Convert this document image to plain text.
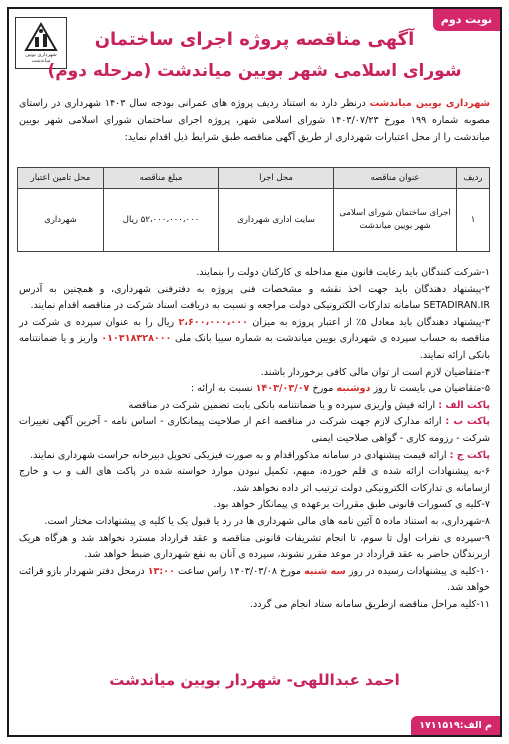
نوبت دوم
شهرداری بویین میاندشت
آگهی مناقصه پروژه اجرای ساختمان
شورای اسلامی شهر بویین میاندشت (مرحله دوم)
شهرداری بویین میاندشت درنظر دارد به استناد ردیف پروژه های عمرانی بودجه سال ۱۴۰۳ شهرداری در راستای مصوبه شماره ۱۹۹ مورخ ۱۴۰۳/۰۷/۲۳ شورای اسلامی شهر، پروژه اجرای ساختمان شورای اسلامی شهر بویین میاندشت را از محل اعتبارات شهرداری از طریق آگهی مناقصه طبق شرایط ذیل اقدام نماید:
ردیف	عنوان مناقصه	محل اجرا	مبلغ مناقصه	محل تامین اعتبار
۱	اجرای ساختمان شورای اسلامی شهر بویین میاندشت	سایت اداری شهرداری	۵۲،۰۰۰،۰۰۰،۰۰۰ ریال	شهرداری

۱-شرکت کنندگان باید رعایت قانون منع مداخله ی کارکنان دولت را بنمایند.

۲-پیشنهاد دهندگان باید جهت اخذ نقشه و مشخصات فنی پروژه به دفترفنی شهرداری، و همچنین به آدرس SETADIRAN.IR سامانه تدارکات الکترونیکی دولت مراجعه و نسبت به دریافت اسناد شرکت در مناقصه اقدام نمایند.

۳-پیشنهاد دهندگان باید معادل ۵٪ از اعتبار پروژه به میزان ۲،۶۰۰،۰۰۰،۰۰۰ ریال را به عنوان سپرده ی شرکت در مناقصه به حساب سپرده ی شهرداری بویین میاندشت به شماره سیبا بانک ملی ۰۱۰۳۱۸۳۲۸۰۰۰ واریز و یا ضمانتنامه بانکی ارائه نمایند.

۴-متقاضیان لازم است از توان مالی کافی برخوردار باشند.

۵-متقاضیان می بایست تا روز دوشنبه مورخ ۱۴۰۳/۰۳/۰۷ نسبت به ارائه :

پاکت الف : ارائه فیش واریزی سپرده و یا ضمانتنامه بانکی بابت تضمین شرکت در مناقصه

پاکت ب : ارائه مدارک لازم جهت شرکت در مناقصه اعم از صلاحیت پیمانکاری - اساس نامه - آخرین آگهی تغییرات شرکت - رزومه کاری - گواهی صلاحیت ایمنی

پاکت ج : ارائه قیمت پیشنهادی در سامانه مذکوراقدام و به صورت فیزیکی تحویل دبیرخانه حراست شهرداری نمایند.

۶-به پیشنهادات ارائه شده ی قلم خورده، مبهم، تکمیل نبودن موارد خواسته شده در پاکت های الف و ب و خارج ازسامانه ی تدارکات الکترونیکی دولت ترتیب اثر داده نخواهد شد.

۷-کلیه ی کسورات قانونی طبق مقررات برعهده ی پیمانکار خواهد بود.

۸-شهرداری، به استناد ماده ۵ آئین نامه های مالی شهرداری ها در رد یا قبول یک یا کلیه ی پیشنهادات مختار است.

۹-سپرده ی نفرات اول تا سوم، تا انجام تشریفات قانونی مناقصه و عقد قرارداد مسترد نخواهد شد و هرگاه هریک ازبرندگان حاضر به عقد قرارداد در موعد مقرر نشوند، سپرده ی آنان به نفع شهرداری ضبط خواهد شد.

۱۰-کلیه ی پیشنهادات رسیده در روز سه شنبه مورخ ۱۴۰۳/۰۳/۰۸ راس ساعت ۱۳:۰۰ درمحل دفتر شهردار بازو قرائت خواهد شد.

۱۱-کلیه مراحل مناقصه ازطریق سامانه ستاد انجام می گردد.

احمد عبداللهی- شهردار بویین میاندشت
م الف:۱۷۱۱۵۱۹
